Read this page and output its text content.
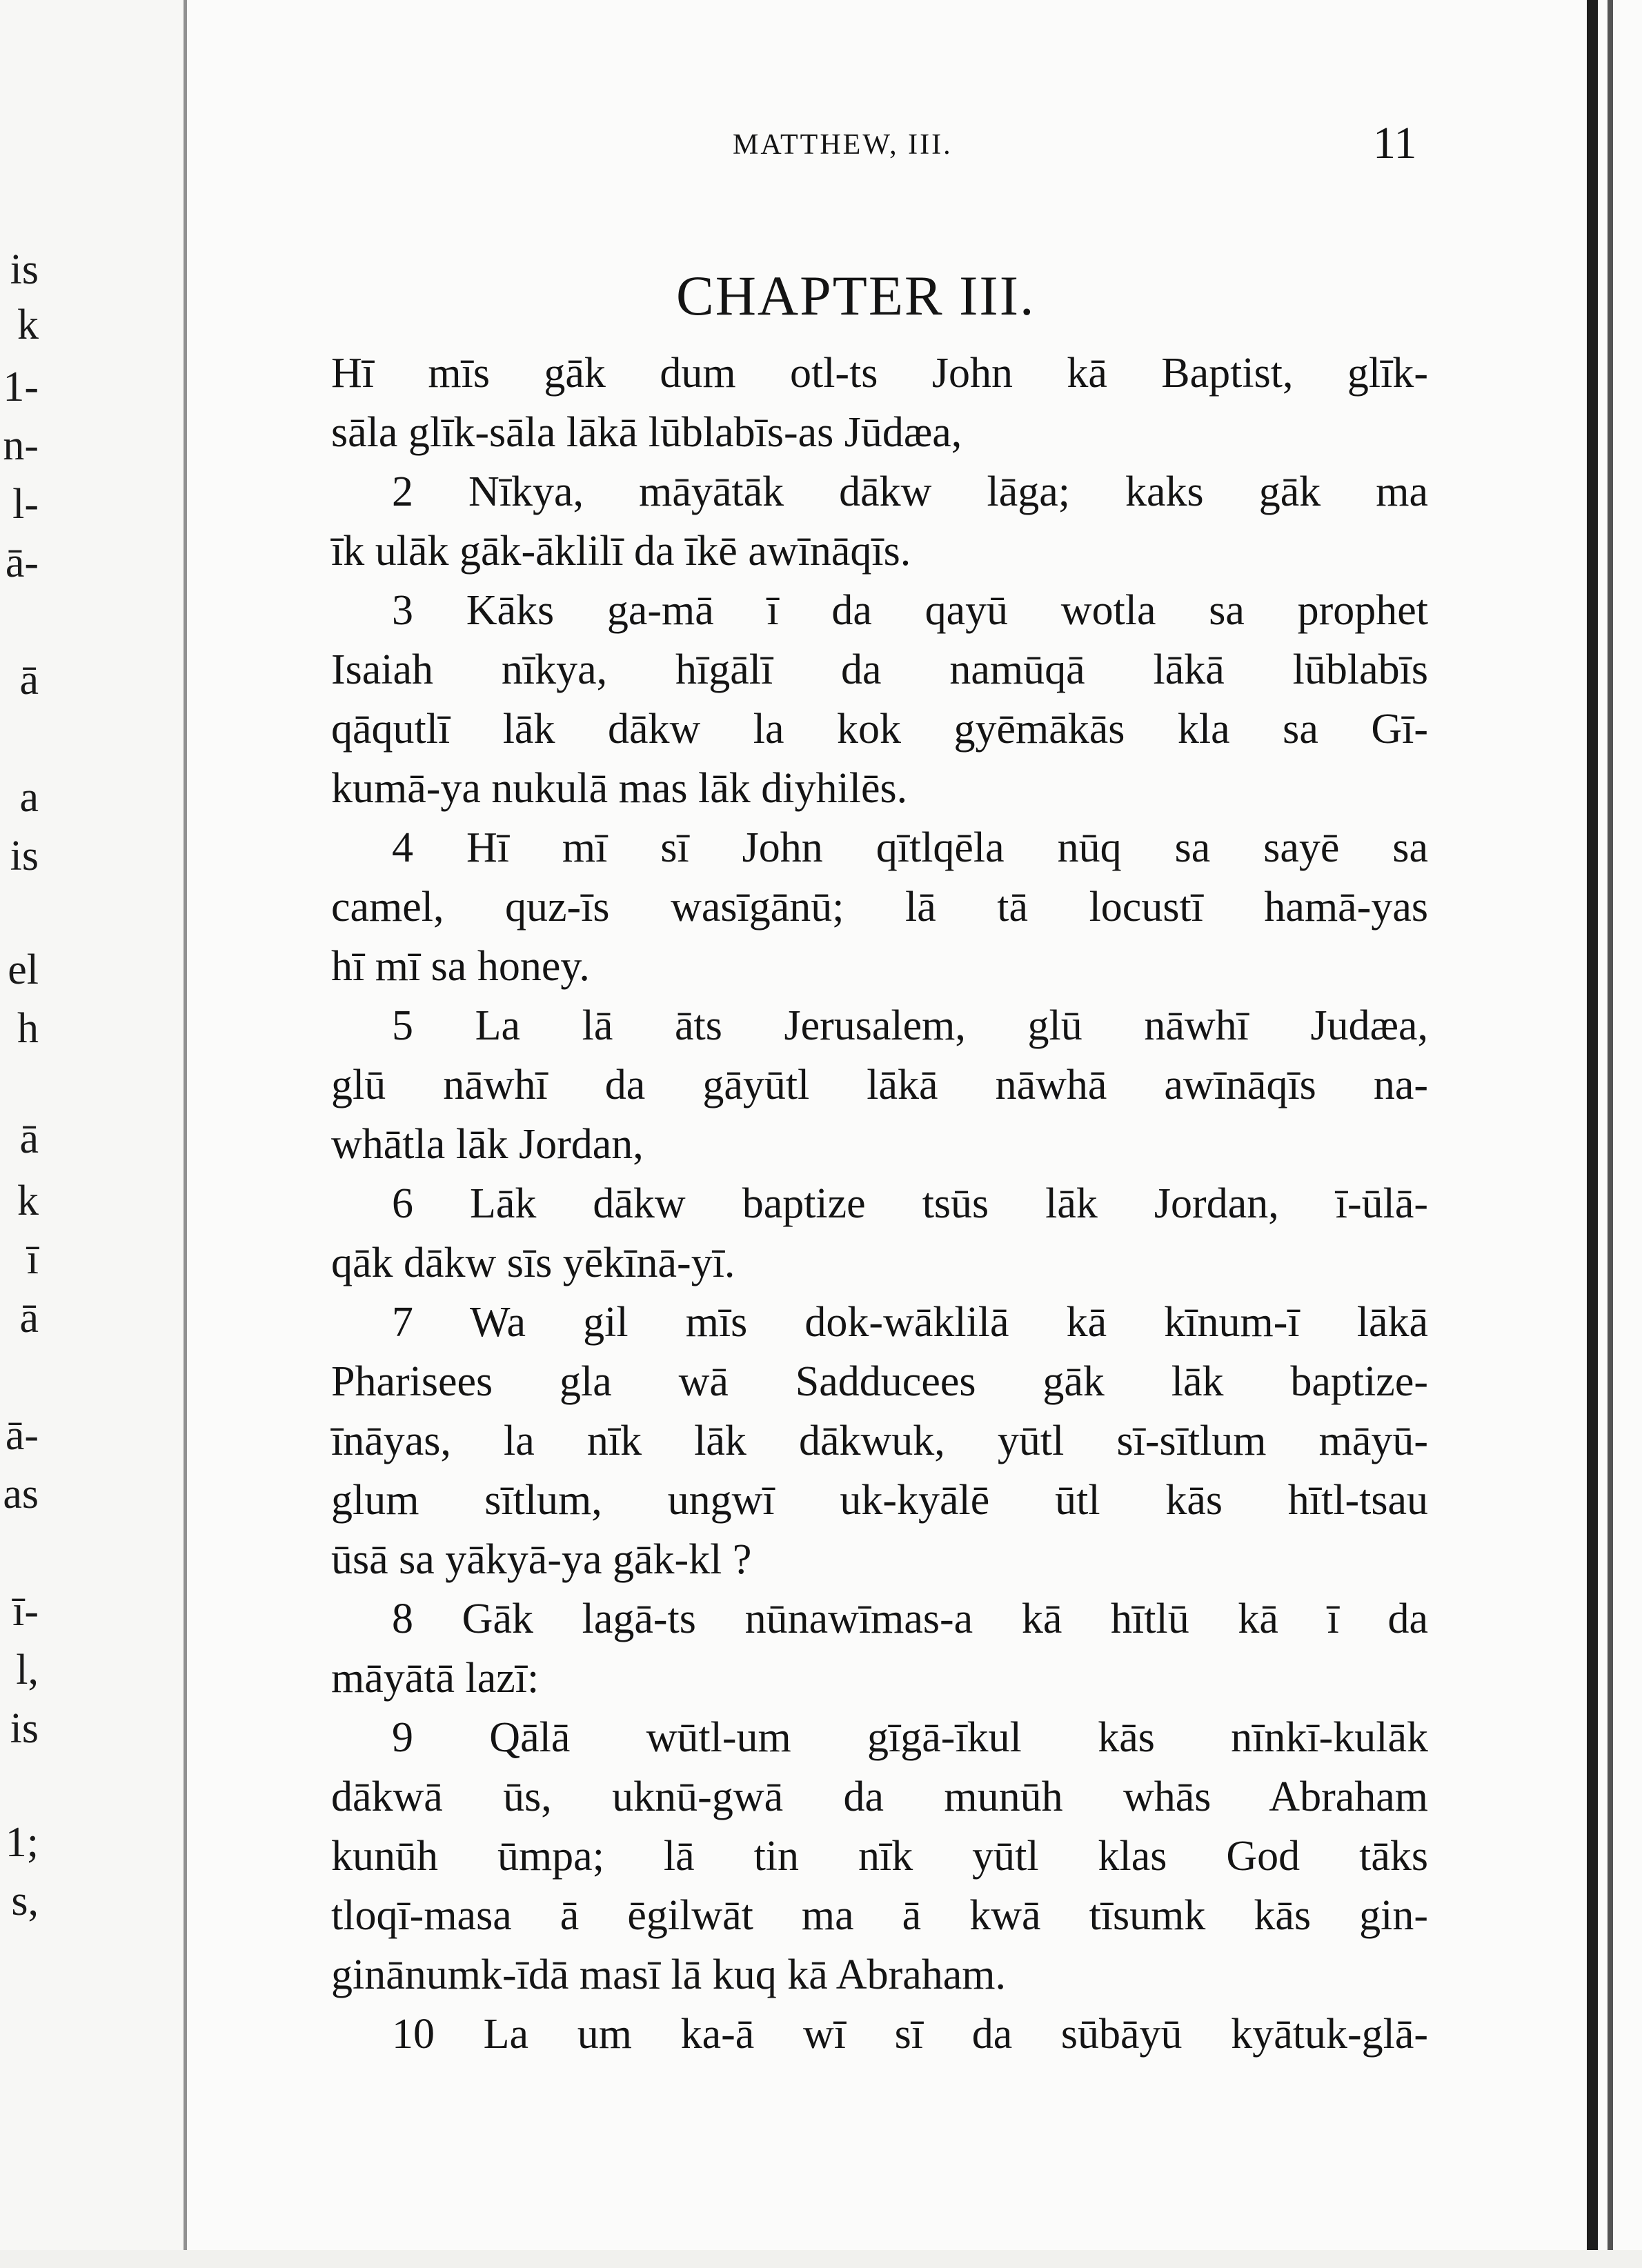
is
k
1-
n-
l-
ā-
ā
a
is
el
h
ā
k
ī
ā
ā-
as
ī-
l,
is
1;
s,
MATTHEW, III.	11
CHAPTER III.
Hī mīs gāk dum otl-ts John kā Baptist, glīk-
sāla glīk-sāla lākā lūblabīs-as Jūdæa,
2 Nīkya, māyātāk dākw lāga; kaks gāk ma
īk ulāk gāk-āklilī da īkē awīnāqīs.
3 Kāks ga-mā ī da qayū wotla sa prophet
Isaiah nīkya, hīgālī da namūqā lākā lūblabīs
qāqutlī lāk dākw la kok gyēmākās kla sa Gī-
kumā-ya nukulā mas lāk diyhilēs.
4 Hī mī sī John qītlqēla nūq sa sayē sa
camel, quz-īs wasīgānū; lā tā locustī hamā-yas
hī mī sa honey.
5 La lā āts Jerusalem, glū nāwhī Judæa,
glū nāwhī da gāyūtl lākā nāwhā awīnāqīs na-
whātla lāk Jordan,
6 Lāk dākw baptize tsūs lāk Jordan, ī-ūlā-
qāk dākw sīs yēkīnā-yī.
7 Wa gil mīs dok-wāklilā kā kīnum-ī lākā
Pharisees gla wā Sadducees gāk lāk baptize-
īnāyas, la nīk lāk dākwuk, yūtl sī-sītlum māyū-
glum sītlum, ungwī uk-kyālē ūtl kās hītl-tsau
ūsā sa yākyā-ya gāk-kl ?
8 Gāk lagā-ts nūnawīmas-a kā hītlū kā ī da
māyātā lazī:
9 Qālā wūtl-um gīgā-īkul kās nīnkī-kulāk
dākwā ūs, uknū-gwā da munūh whās Abraham
kunūh ūmpa; lā tin nīk yūtl klas God tāks
tloqī-masa ā ēgilwāt ma ā kwā tīsumk kās gin-
ginānumk-īdā masī lā kuq kā Abraham.
10 La um ka-ā wī sī da sūbāyū kyātuk-glā-
